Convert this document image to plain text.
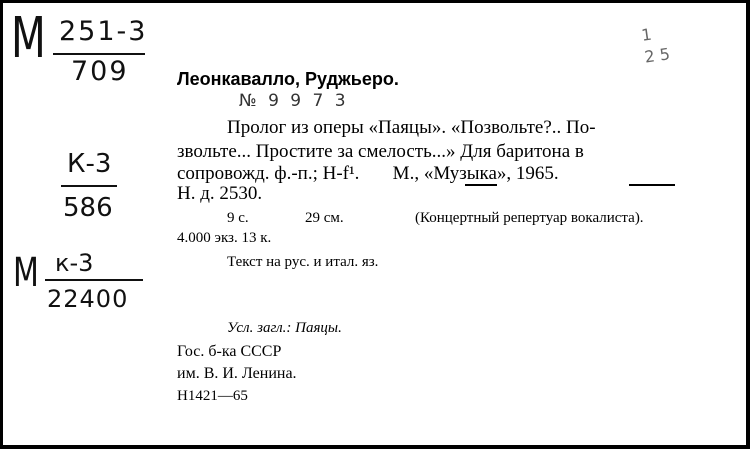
М 251-3
709
К-3
586
М к-3
22400
1
2 5
Леонкавалло, Руджьеро.
№ 9 9 7 3
Пролог из оперы «Паяцы». «Позвольте?.. По-
звольте... Простите за смелость...» Для баритона в
сопровожд. ф.-п.; Н-f¹.       М., «Музыка», 1965.
Н. д. 2530.
9 с.	29 см.	(Концертный репертуар вокалиста).
4.000 экз. 13 к.
Текст на рус. и итал. яз.
Усл. загл.: Паяцы.
Гос. б-ка СССР
им. В. И. Ленина.
Н1421—65
